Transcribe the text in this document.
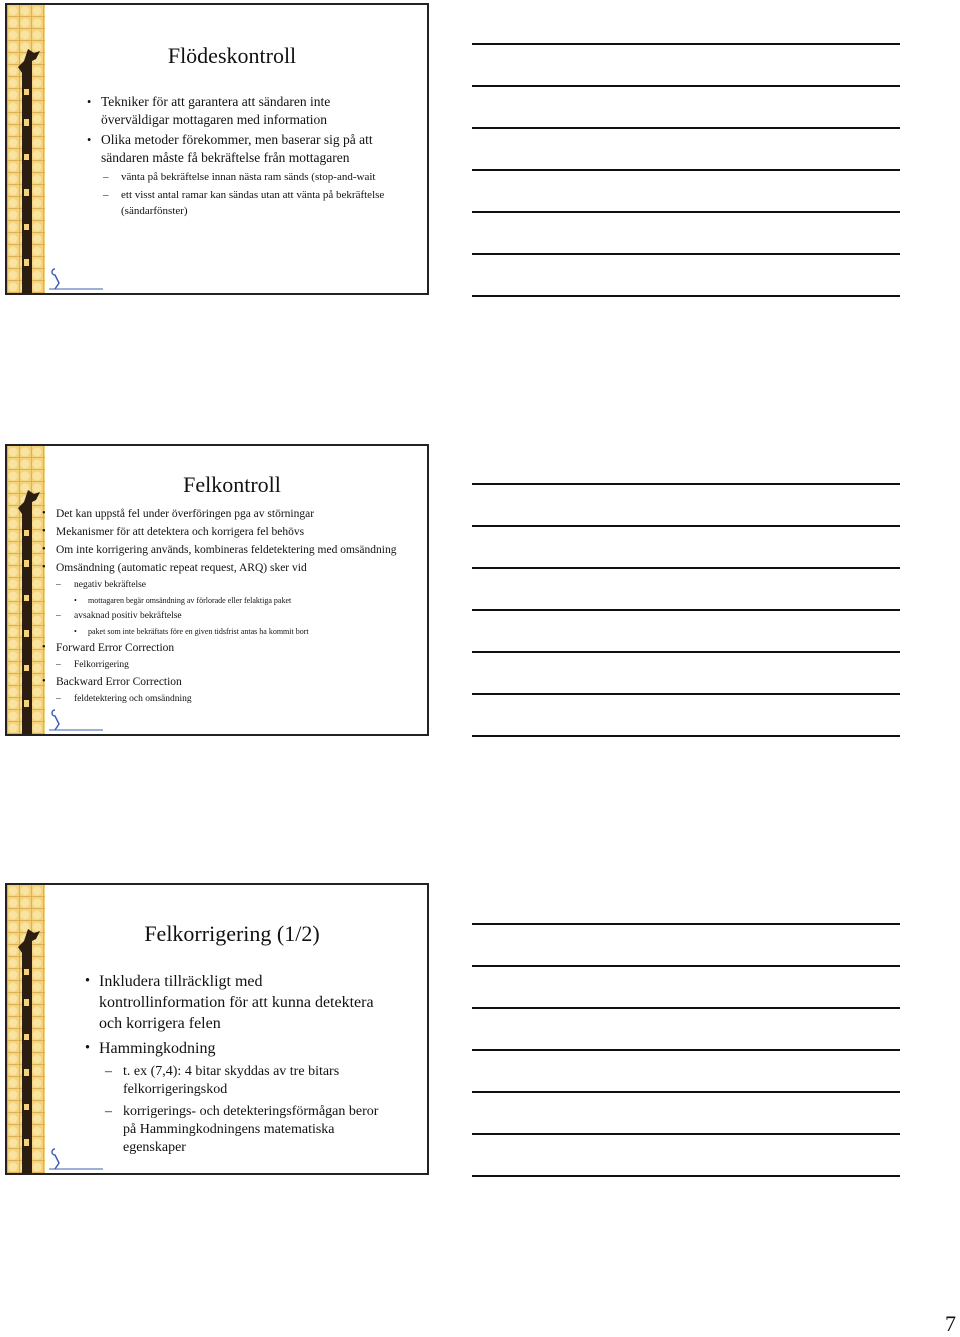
Flödeskontroll
• Tekniker för att garantera att sändaren inte överväldigar mottagaren med information
• Olika metoder förekommer, men baserar sig på att sändaren måste få bekräftelse från mottagaren
– vänta på bekräftelse innan nästa ram sänds (stop-and-wait
– ett visst antal ramar kan sändas utan att vänta på bekräftelse (sändarfönster)
Felkontroll
• Det kan uppstå fel under överföringen pga av störningar
• Mekanismer för att detektera och korrigera fel behövs
• Om inte korrigering används, kombineras feldetektering med omsändning
• Omsändning (automatic repeat request, ARQ) sker vid
– negativ bekräftelse
• mottagaren begär omsändning av förlorade eller felaktiga paket
– avsaknad positiv bekräftelse
• paket som inte bekräftats före en given tidsfrist antas ha kommit bort
• Forward Error Correction
– Felkorrigering
• Backward Error Correction
– feldetektering och omsändning
Felkorrigering (1/2)
• Inkludera tillräckligt med kontrollinformation för att kunna detektera och korrigera felen
• Hammingkodning
– t. ex (7,4): 4 bitar skyddas av tre bitars felkorrigeringskod
– korrigerings- och detekteringsförmågan beror på Hammingkodningens matematiska egenskaper
7
